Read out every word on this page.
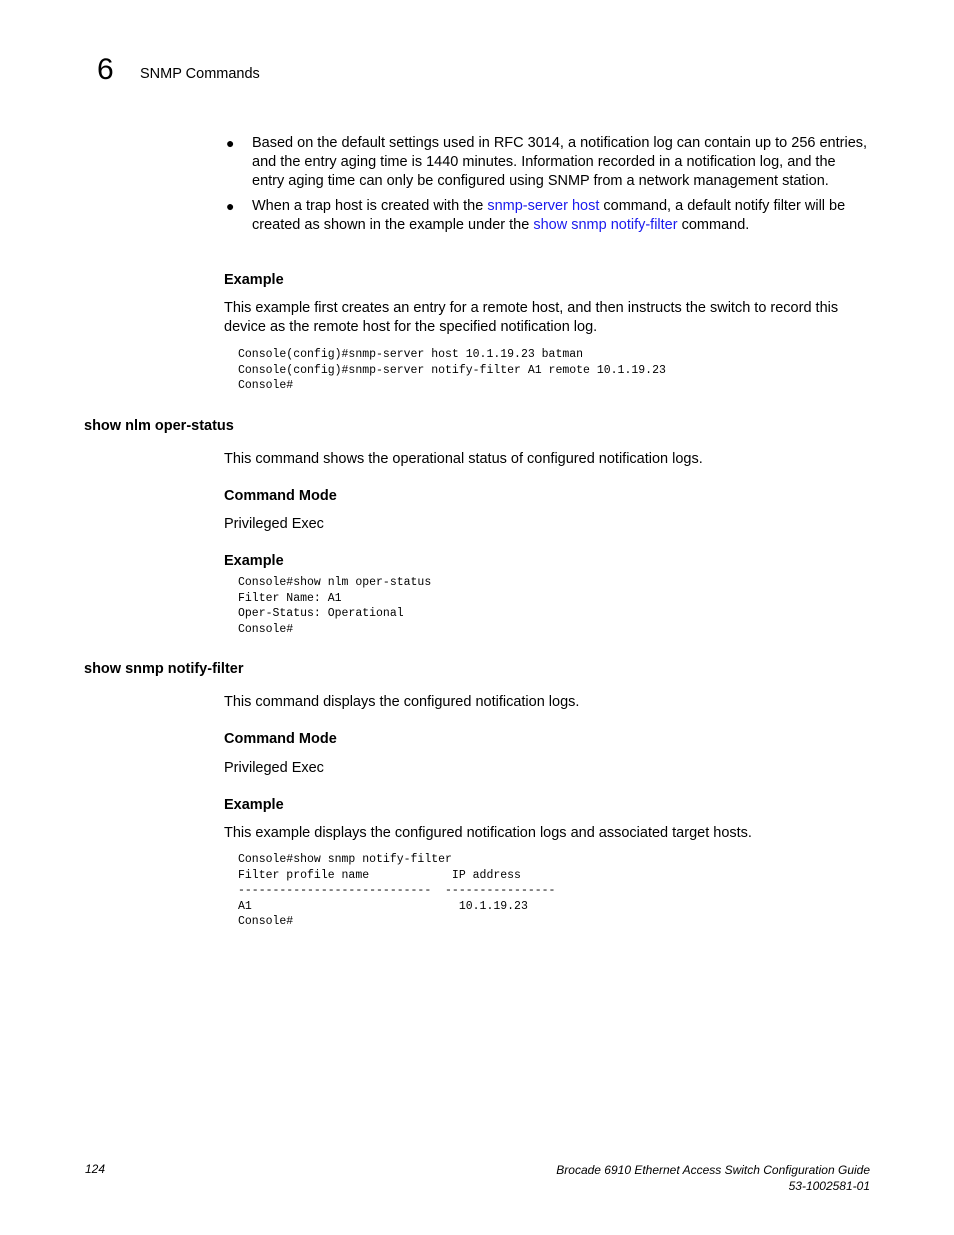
6 SNMP Commands
● Based on the default settings used in RFC 3014, a notification log can contain up to 256 entries, and the entry aging time is 1440 minutes. Information recorded in a notification log, and the entry aging time can only be configured using SNMP from a network management station.
● When a trap host is created with the snmp-server host command, a default notify filter will be created as shown in the example under the show snmp notify-filter command.
Example
This example first creates an entry for a remote host, and then instructs the switch to record this device as the remote host for the specified notification log.
Console(config)#snmp-server host 10.1.19.23 batman
Console(config)#snmp-server notify-filter A1 remote 10.1.19.23
Console#
show nlm oper-status
This command shows the operational status of configured notification logs.
Command Mode
Privileged Exec
Example
Console#show nlm oper-status
Filter Name: A1
Oper-Status: Operational
Console#
show snmp notify-filter
This command displays the configured notification logs.
Command Mode
Privileged Exec
Example
This example displays the configured notification logs and associated target hosts.
Console#show snmp notify-filter
Filter profile name            IP address
----------------------------  ----------------
A1                              10.1.19.23
Console#
124	Brocade 6910 Ethernet Access Switch Configuration Guide
53-1002581-01
